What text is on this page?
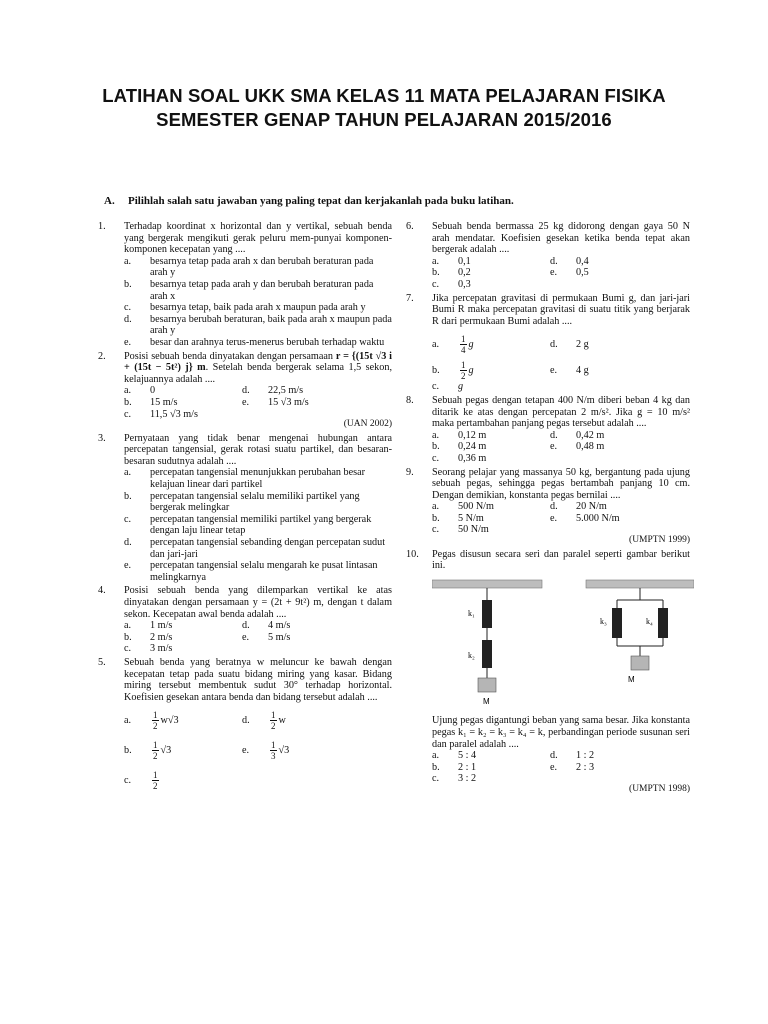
LATIHAN SOAL UKK SMA KELAS 11 MATA PELAJARAN FISIKA
SEMESTER GENAP TAHUN PELAJARAN 2015/2016
A. Pilihlah salah satu jawaban yang paling tepat dan kerjakanlah pada buku latihan.
1. Terhadap koordinat x horizontal dan y vertikal, sebuah benda yang bergerak mengikuti gerak peluru mem-punyai komponen-komponen kecepatan yang ....
a. besarnya tetap pada arah x dan berubah beraturan pada arah y
b. besarnya tetap pada arah y dan berubah beraturan pada arah x
c. besarnya tetap, baik pada arah x maupun pada arah y
d. besarnya berubah beraturan, baik pada arah x maupun pada arah y
e. besar dan arahnya terus-menerus berubah terhadap waktu
2. Posisi sebuah benda dinyatakan dengan persamaan r = {(15t √3 i + (15t − 5t²) j} m. Setelah benda bergerak selama 1,5 sekon, kelajuannya adalah ....
a. 0	d. 22,5 m/s
b. 15 m/s	e. 15 √3 m/s
c. 11,5 √3 m/s
(UAN 2002)
3. Pernyataan yang tidak benar mengenai hubungan antara percepatan tangensial, gerak rotasi suatu partikel, dan besaran-besaran sudutnya adalah ....
a. percepatan tangensial menunjukkan perubahan besar kelajuan linear dari partikel
b. percepatan tangensial selalu memiliki partikel yang bergerak melingkar
c. percepatan tangensial memiliki partikel yang bergerak dengan laju linear tetap
d. percepatan tangensial sebanding dengan percepatan sudut dan jari-jari
e. percepatan tangensial selalu mengarah ke pusat lintasan melingkarnya
4. Posisi sebuah benda yang dilemparkan vertikal ke atas dinyatakan dengan persamaan y = (2t + 9t²) m, dengan t dalam sekon. Kecepatan awal benda adalah ....
a. 1 m/s	d. 4 m/s
b. 2 m/s	e. 5 m/s
c. 3 m/s
5. Sebuah benda yang beratnya w meluncur ke bawah dengan kecepatan tetap pada suatu bidang miring yang kasar. Bidang miring tersebut membentuk sudut 30° terhadap horizontal. Koefisien gesekan antara benda dan bidang tersebut adalah ....
a. $\frac{1}{2} w√3$	d. $\frac{1}{2}$ w
b. $\frac{1}{2} √3$	e. $\frac{1}{3} √3$
c. $\frac{1}{2}$
6. Sebuah benda bermassa 25 kg didorong dengan gaya 50 N arah mendatar. Koefisien gesekan ketika benda tepat akan bergerak adalah ....
a. 0,1	d. 0,4
b. 0,2	e. 0,5
c. 0,3
7. Jika percepatan gravitasi di permukaan Bumi g, dan jari-jari Bumi R maka percepatan gravitasi di suatu titik yang berjarak R dari permukaan Bumi adalah ....
a. $\frac{1}{4}$ g	d. 2 g
b. $\frac{1}{2}$ g	e. 4 g
c. g
8. Sebuah pegas dengan tetapan 400 N/m diberi beban 4 kg dan ditarik ke atas dengan percepatan 2 m/s². Jika g = 10 m/s² maka pertambahan panjang pegas tersebut adalah ....
a. 0,12 m	d. 0,42 m
b. 0,24 m	e. 0,48 m
c. 0,36 m
9. Seorang pelajar yang massanya 50 kg, bergantung pada ujung sebuah pegas, sehingga pegas bertambah panjang 10 cm. Dengan demikian, konstanta pegas bernilai ....
a. 500 N/m	d. 20 N/m
b. 5 N/m	e. 5.000 N/m
c. 50 N/m
(UMPTN 1999)
10. Pegas disusun secara seri dan paralel seperti gambar berikut ini.
k₁
k₂
M
k₃	k₄
M
Ujung pegas digantungi beban yang sama besar. Jika konstanta pegas k₁ = k₂ = k₃ = k₄ = k, perbandingan periode susunan seri dan paralel adalah ....
a. 5 : 4	d. 1 : 2
b. 2 : 1	e. 2 : 3
c. 3 : 2
(UMPTN 1998)
